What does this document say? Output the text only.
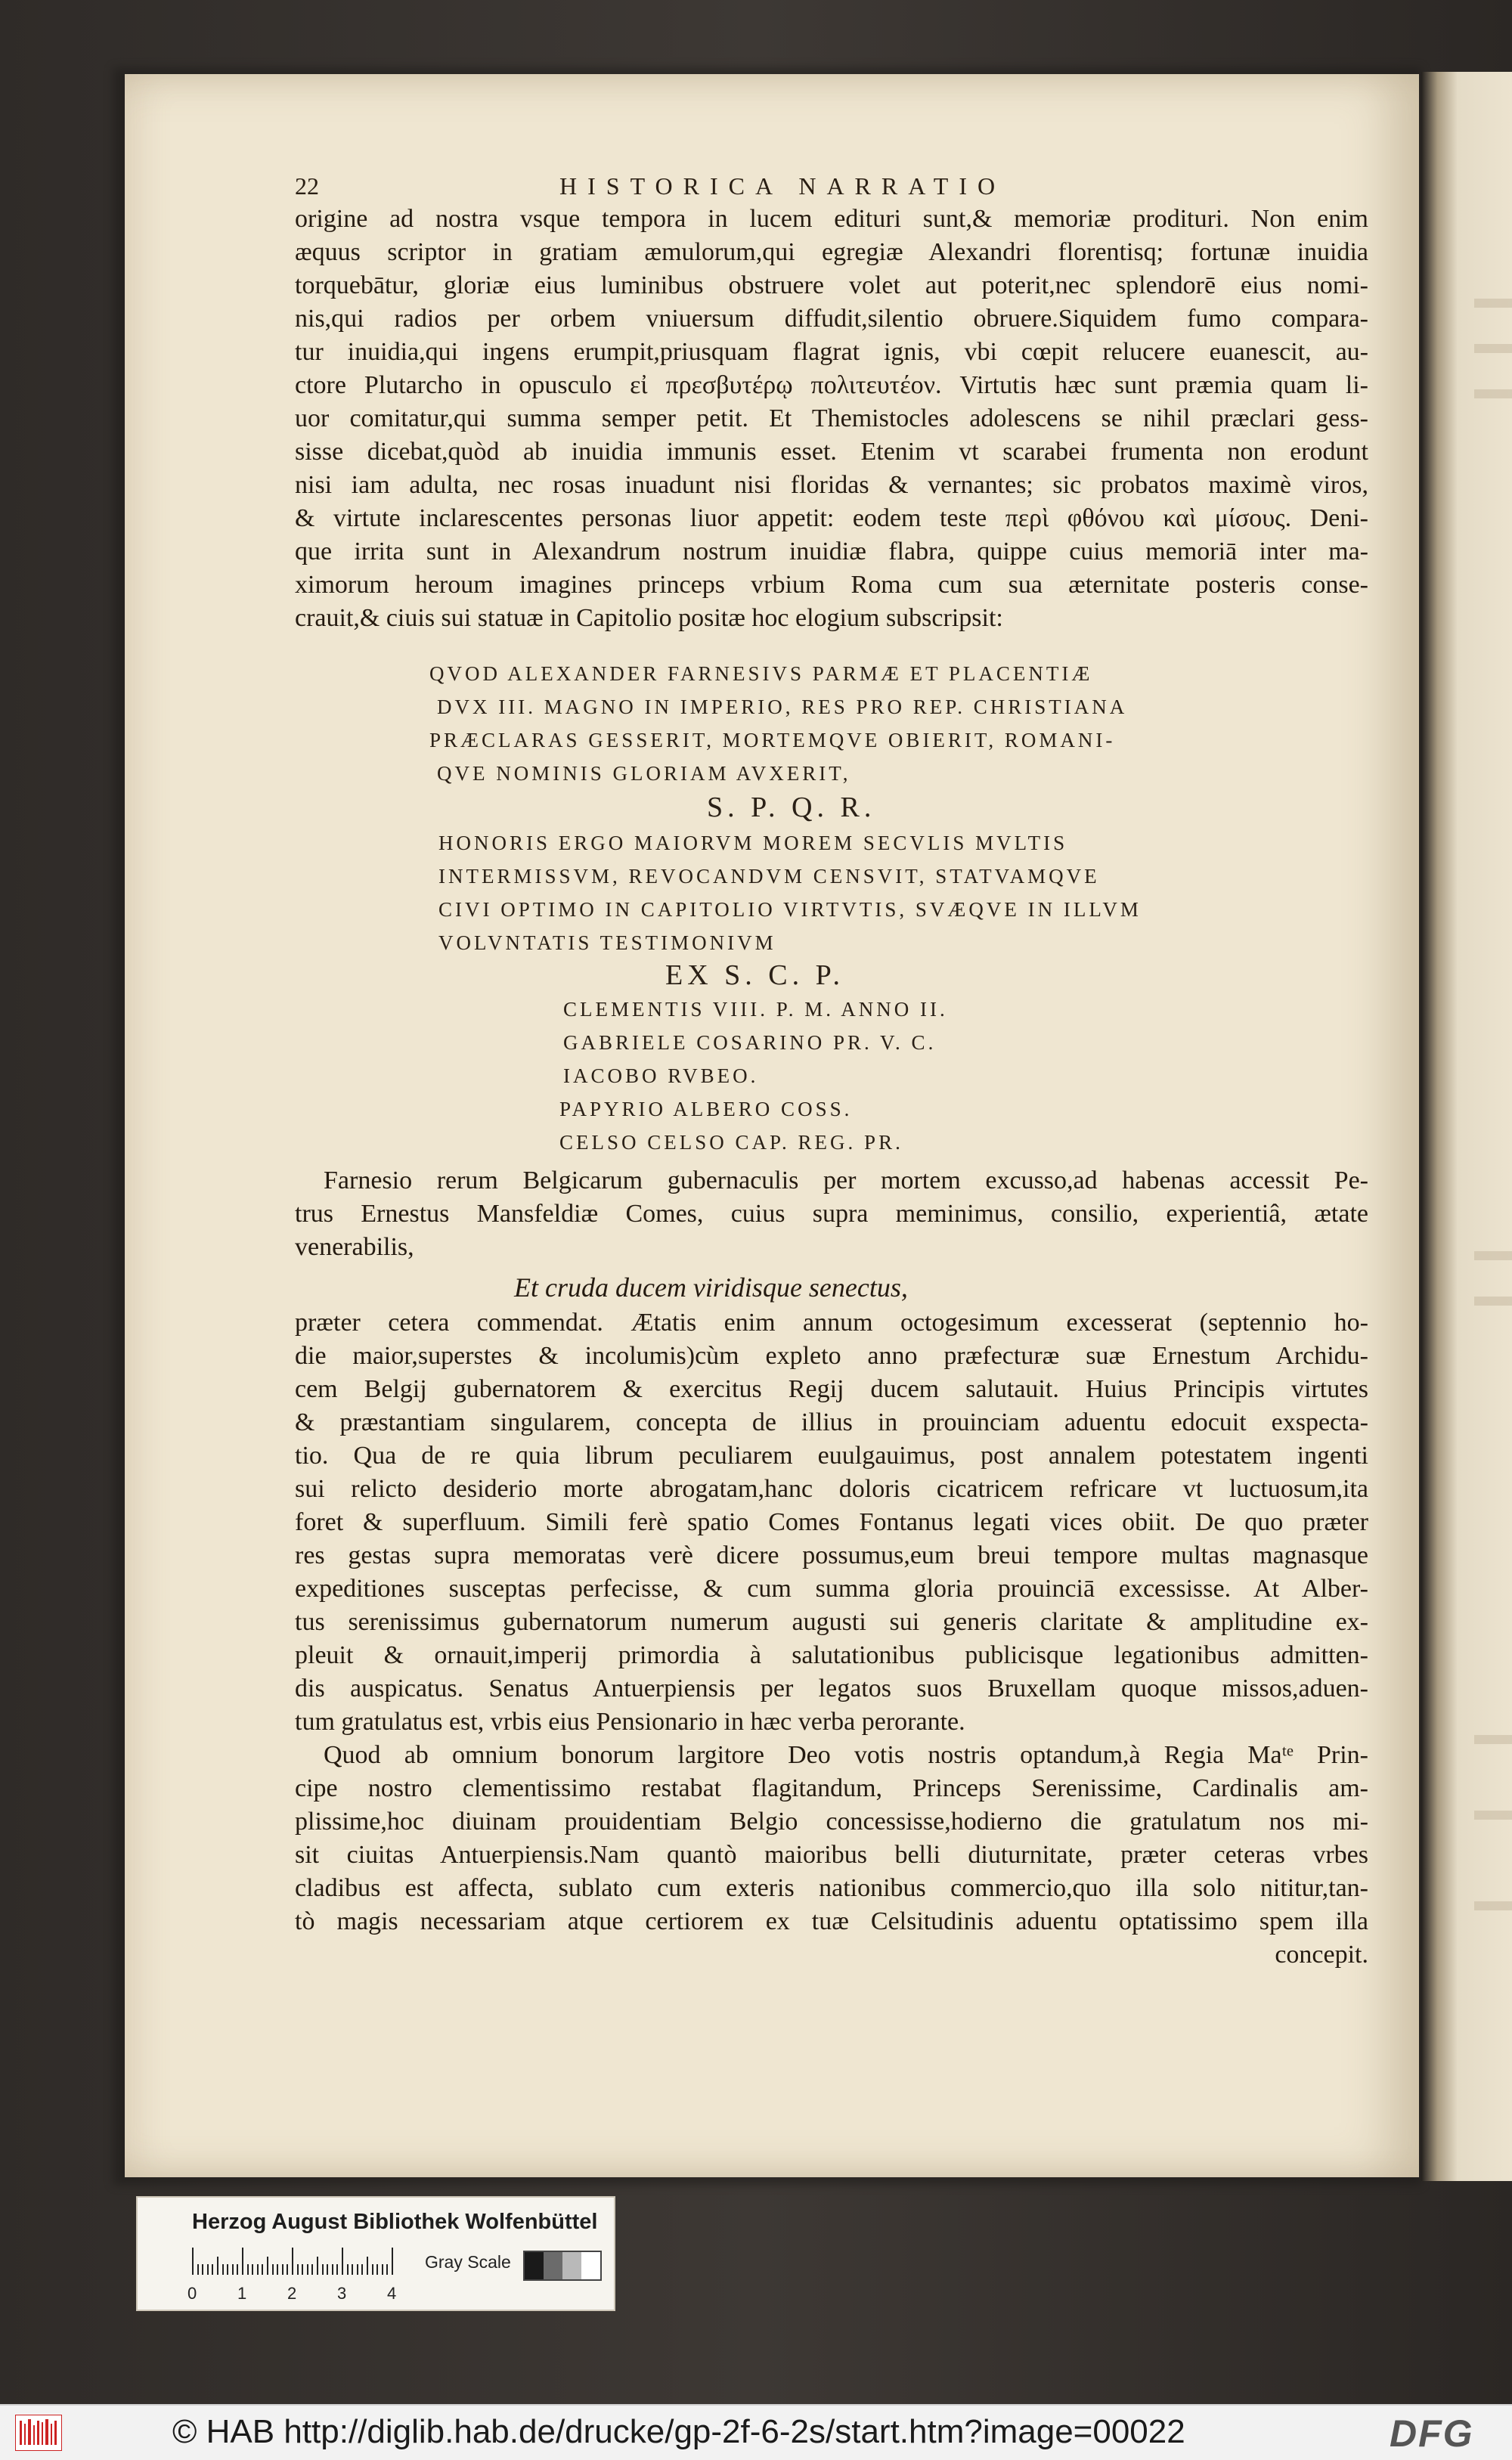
22	HISTORICA NARRATIO
origine ad nostra vsque tempora in lucem edituri sunt,& memoriæ proditurі. Non enim
æquus scriptor in gratiam æmulorum,qui egregiæ Alexandri florentisq; fortunæ inuidia
torquebātur, gloriæ eius luminibus obstruere volet aut poterit,nec splendorē eius nomi-
nis,qui radios per orbem vniuersum diffudit,silentio obruere.Siquidem fumo compara-
tur inuidia,qui ingens erumpit,priusquam flagrat ignis, vbi cœpit relucere euanescit, au-
ctore Plutarcho in opusculo εἰ πρεσβυτέρῳ πολιτευτέον. Virtutis hæc sunt præmia quam li-
uor comitatur,qui summa semper petit. Et Themistocles adolescens se nihil præclari gess-
sisse dicebat,quòd ab inuidia immunis esset. Etenim vt scarabei frumenta non erodunt
nisi iam adulta, nec rosas inuadunt nisi floridas & vernantes; sic probatos maximè viros,
& virtute inclarescentes personas liuor appetit: eodem teste περὶ φθόνου καὶ μίσους. Deni-
que irrita sunt in Alexandrum nostrum inuidiæ flabra, quippe cuius memoriā inter ma-
ximorum heroum imagines princeps vrbium Roma cum sua æternitate posteris conse-
crauit,& ciuis sui statuæ in Capitolio positæ hoc elogium subscripsit:
QVOD ALEXANDER FARNESIVS PARMÆ ET PLACENTIÆ
DVX III. MAGNO IN IMPERIO, RES PRO REP. CHRISTIANA
PRÆCLARAS GESSERIT, MORTEMQVE OBIERIT, ROMANI-
QVE NOMINIS GLORIAM AVXERIT,
S. P. Q. R.
HONORIS ERGO MAIORVM MOREM SECVLIS MVLTIS
INTERMISSVM, REVOCANDVM CENSVIT, STATVAMQVE
CIVI OPTIMO IN CAPITOLIO VIRTVTIS, SVÆQVE IN ILLVM
VOLVNTATIS TESTIMONIVM
EX S. C. P.
CLEMENTIS VIII. P. M. ANNO II.
GABRIELE COSARINO PR. V. C.
IACOBO RVBEO.
PAPYRIO ALBERO COSS.
CELSO CELSO CAP. REG. PR.
Farnesio rerum Belgicarum gubernaculis per mortem excusso,ad habenas accessit Pe-
trus Ernestus Mansfeldiæ Comes, cuius supra meminimus, consilio, experientiâ, ætate
venerabilis,
Et cruda ducem viridisque senectus,
præter cetera commendat. Ætatis enim annum octogesimum excesserat (septennio ho-
die maior,superstes & incolumis)cùm expleto anno præfecturæ suæ Ernestum Archidu-
cem Belgij gubernatorem & exercitus Regij ducem salutauit. Huius Principis virtutes
& præstantiam singularem, concepta de illius in prouinciam aduentu edocuit exspecta-
tio. Qua de re quia librum peculiarem euulgauimus, post annalem potestatem ingenti
sui relicto desiderio morte abrogatam,hanc doloris cicatricem refricare vt luctuosum,ita
foret & superfluum. Simili ferè spatio Comes Fontanus legati vices obiit. De quo præter
res gestas supra memoratas verè dicere possumus,eum breui tempore multas magnasque
expeditiones susceptas perfecisse, & cum summa gloria prouinciā excessisse. At Alber-
tus serenissimus gubernatorum numerum augusti sui generis claritate & amplitudine ex-
pleuit & ornauit,imperij primordia à salutationibus publicisque legationibus admitten-
dis auspicatus. Senatus Antuerpiensis per legatos suos Bruxellam quoque missos,aduen-
tum gratulatus est, vrbis eius Pensionario in hæc verba perorante.
Quod ab omnium bonorum largitore Deo votis nostris optandum,à Regia Maᵗᵉ Prin-
cipe nostro clementissimo restabat flagitandum, Princeps Serenissime, Cardinalis am-
plissime,hoc diuinam prouidentiam Belgio concessisse,hodierno die gratulatum nos mi-
sit ciuitas Antuerpiensis.Nam quantò maioribus belli diuturnitate, præter ceteras vrbes
cladibus est affecta, sublato cum exteris nationibus commercio,quo illa solo nititur,tan-
tò magis necessariam atque certiorem ex tuæ Celsitudinis aduentu optatissimo spem illa
concepit.
Herzog August Bibliothek Wolfenbüttel
0 1 2 3 4
Gray Scale
© HAB http://diglib.hab.de/drucke/gp-2f-6-2s/start.htm?image=00022	DFG
